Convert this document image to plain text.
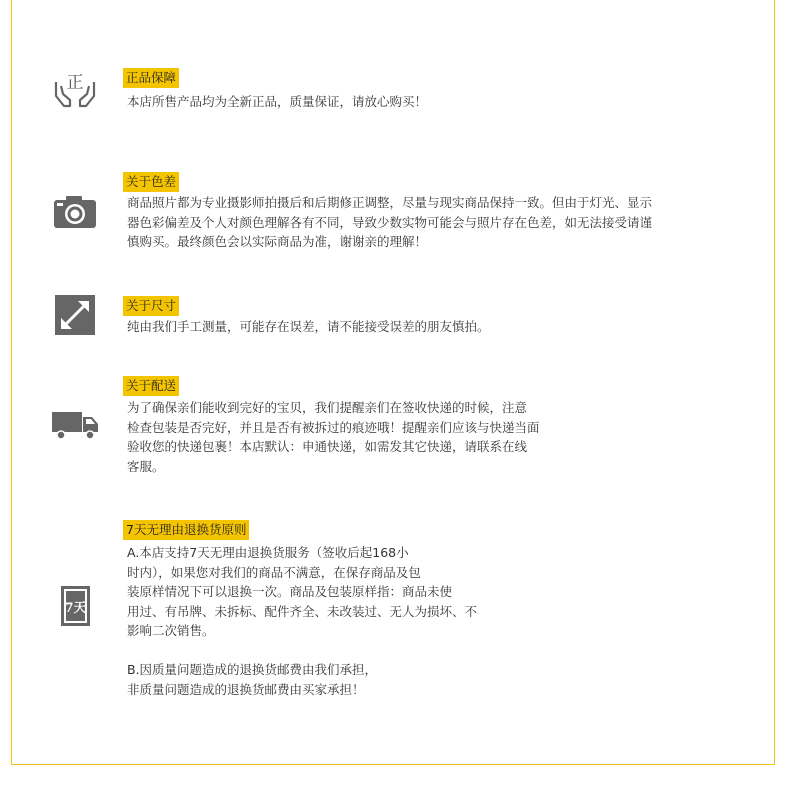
正	正品保障
本店所售产品均为全新正品，质量保证，请放心购买！
关于色差
商品照片都为专业摄影师拍摄后和后期修正调整，尽量与现实商品保持一致。但由于灯光、显示
器色彩偏差及个人对颜色理解各有不同，导致少数实物可能会与照片存在色差，如无法接受请谨
慎购买。最终颜色会以实际商品为准，谢谢亲的理解！
关于尺寸
纯由我们手工测量，可能存在误差，请不能接受误差的朋友慎拍。
关于配送
为了确保亲们能收到完好的宝贝，我们提醒亲们在签收快递的时候，注意
检查包装是否完好，并且是否有被拆过的痕迹哦！提醒亲们应该与快递当面
验收您的快递包裹！本店默认：申通快递，如需发其它快递，请联系在线
客服。
7天
7天无理由退换货原则
A.本店支持7天无理由退换货服务（签收后起168小
时内），如果您对我们的商品不满意，在保存商品及包
装原样情况下可以退换一次。商品及包装原样指：商品未使
用过、有吊牌、未拆标、配件齐全、未改装过、无人为损坏、不
影响二次销售。

B.因质量问题造成的退换货邮费由我们承担，
非质量问题造成的退换货邮费由买家承担！
